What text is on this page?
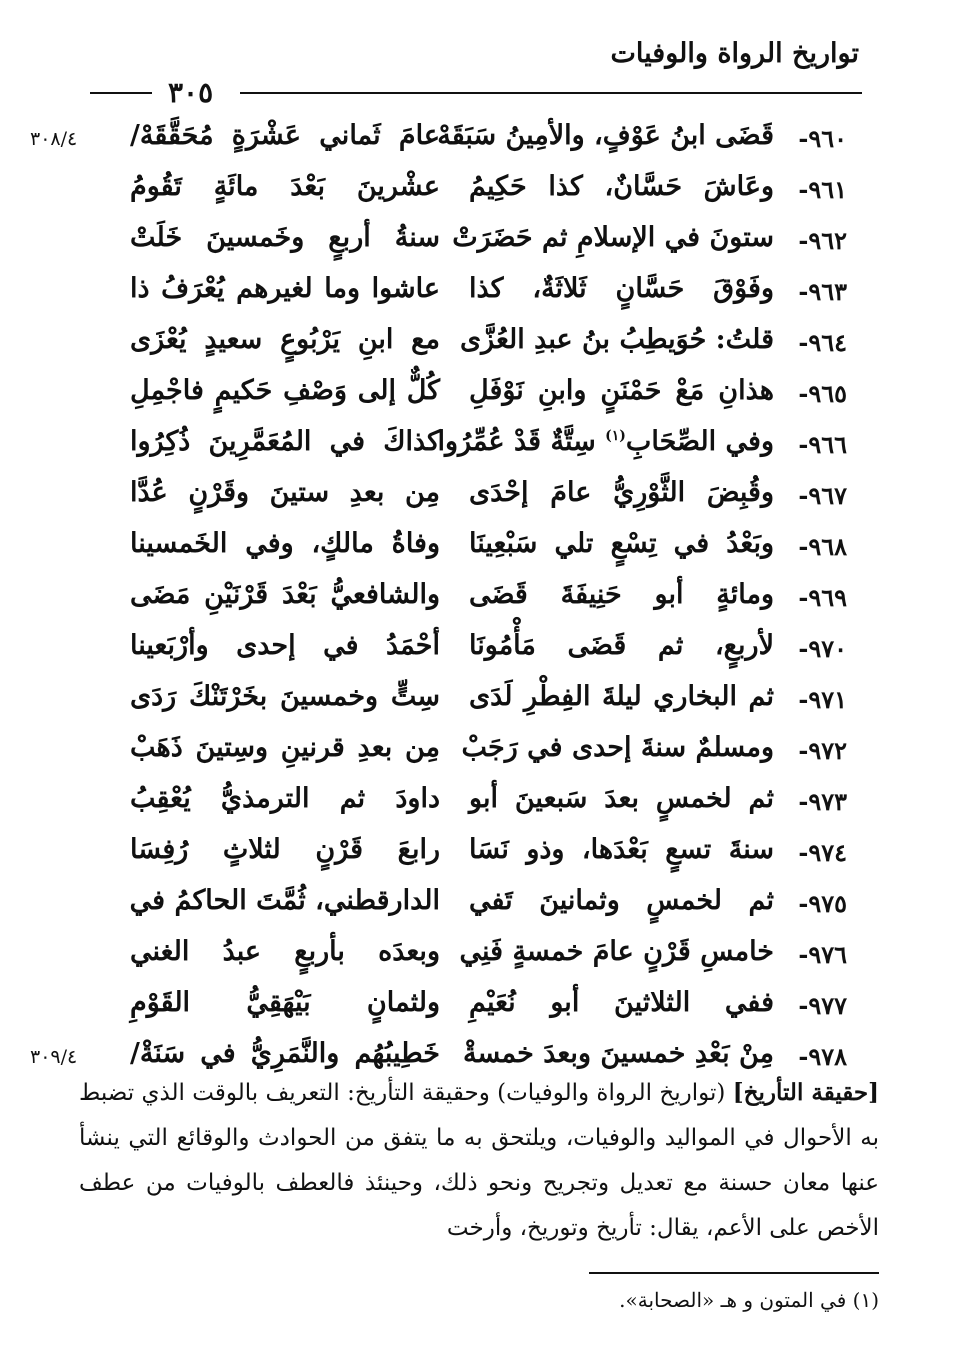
تواريخ الرواة والوفيات
٣٠٥
٩٦٠-
قَضَى ابنُ عَوْفٍ، والأمِينُ سَبَقَهْ
عامَ ثَماني عَشْرَةٍ مُحَقَّقَهْ/
٣٠٨/٤
٩٦١-
وعَاشَ حَسَّانٌ، كذا حَكِيمُ
عشْرينَ بَعْدَ مائَةٍ تَقُومُ
٩٦٢-
ستونَ في الإسلامِ ثم حَضَرَتْ
سنةُ أربعٍ وخَمسينَ خَلَتْ
٩٦٣-
وفَوْقَ حَسَّانٍ ثَلاثَةٌ، كذا
عاشوا وما لغيرهم يُعْرَفُ ذا
٩٦٤-
قلتُ: حُوَيطِبُ بنُ عبدِ العُزَّى
مع ابنِ يَرْبُوعٍ سعيدٍ يُعْزَى
٩٦٥-
هذانِ مَعْ حَمْنَنٍ وابنِ نَوْفَلِ
كُلٌّ إلى وَصْفِ حَكيمٍ فاجْمِلِ
٩٦٦-
وفي الصِّحَابِ$^{(١)}$ سِتَّةٌ قَدْ عُمِّرُوا
كذاكَ في المُعَمَّرِينَ ذُكِرُوا
٩٦٧-
وقُبِضَ الثَّوْرِيُّ عامَ إحْدَى
مِن بعدِ ستينَ وقَرْنٍ عُدَّا
٩٦٨-
وبَعْدُ في تِسْعٍ تلي سَبْعِينَا
وفاةُ مالكٍ، وفي الخَمسينا
٩٦٩-
ومائةٍ أبو حَنِيفَةَ قَضَى
والشافعيُّ بَعْدَ قَرْنَيْنِ مَضَى
٩٧٠-
لأربعٍ، ثم قَضَى مَأْمُونَا
أحْمَدُ في إحدى وأرْبَعينا
٩٧١-
ثم البخاري ليلةَ الفِطْرِ لَدَى
سِتٍّ وخمسينَ بخَرْتَنْكَ رَدَى
٩٧٢-
ومسلمٌ سنةَ إحدى في رَجَبْ
مِن بعدِ قرنينِ وسِتينَ ذَهَبْ
٩٧٣-
ثم لخمسٍ بعدَ سَبعينَ أبو
داودَ ثم الترمذيُّ يُعْقِبُ
٩٧٤-
سنةَ تسعٍ بَعْدَها، وذو نَسَا
رابعَ قَرْنٍ لثلاثٍ رُفِسَا
٩٧٥-
ثم لخمسٍ وثمانينَ تَفي
الدارقطني، ثُمَّتَ الحاكمُ في
٩٧٦-
خامسِ قَرْنٍ عامَ خمسةٍ فَنِي
وبعدَه بأربعٍ عبدُ الغني
٩٧٧-
ففي الثلاثينَ أبو نُعَيْمِ
ولثمانٍ بَيْهَقِيُّ القَوْمِ
٩٧٨-
مِنْ بَعْدِ خمسينَ وبعدَ خمسةْ
خَطِيبُهُم والنَّمَرِيُّ في سَنَةْ/
٣٠٩/٤
[حقيقة التأريخ] (تواريخ الرواة والوفيات) وحقيقة التأريخ: التعريف بالوقت الذي تضبط به الأحوال في المواليد والوفيات، ويلتحق به ما يتفق من الحوادث والوقائع التي ينشأ عنها معان حسنة مع تعديل وتجريح ونحو ذلك، وحينئذ فالعطف بالوفيات من عطف الأخص على الأعم، يقال: تأريخ وتوريخ، وأرخت
(١) في المتون و هـ «الصحابة».
